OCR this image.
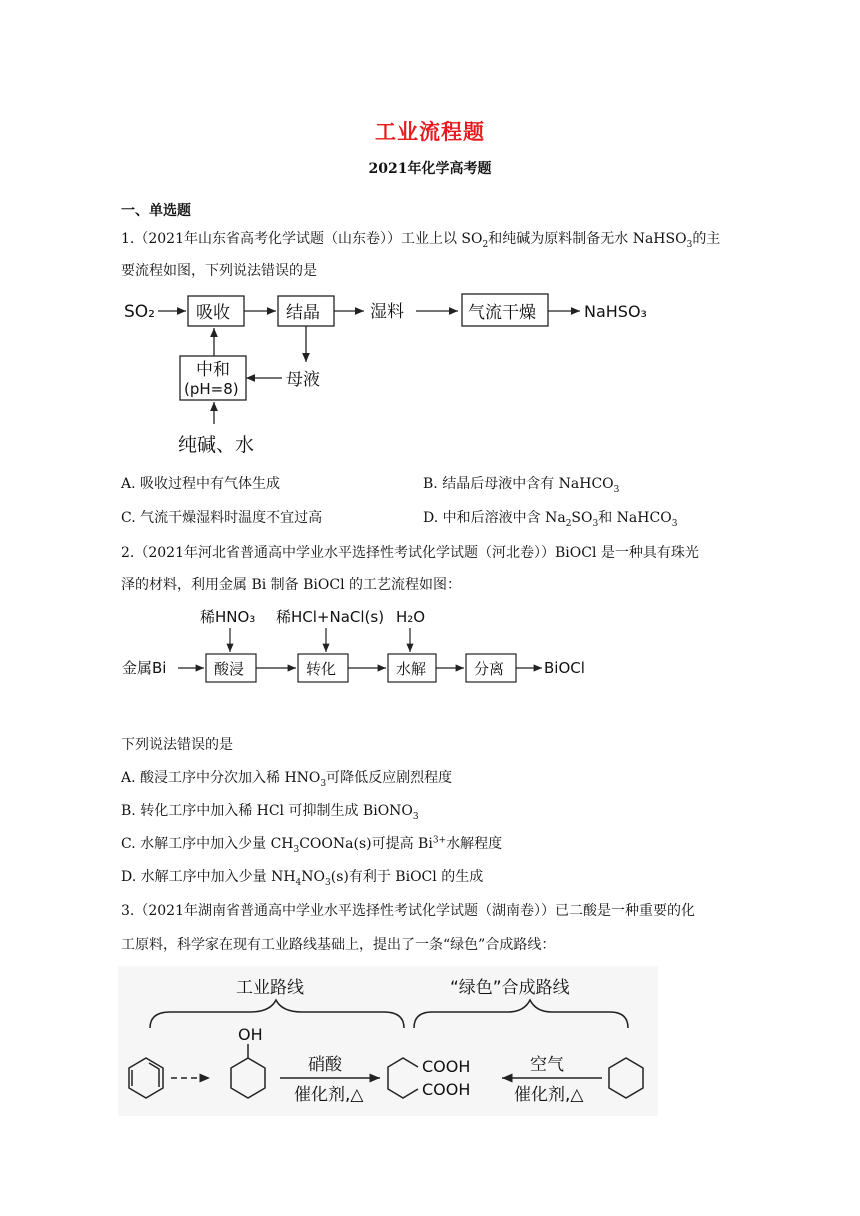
工业流程题
2021年化学高考题
一、单选题
1.（2021年山东省高考化学试题（山东卷））工业上以 $SO_2$和纯碱为原料制备无水 NaHSO$_3$的主
要流程如图，下列说法错误的是
SO₂ 吸收	结晶	湿料	气流干燥	NaHSO₃
母液
中和
(pH=8)
纯碱、水
A. 吸收过程中有气体生成	B. 结晶后母液中含有 NaHCO$_3$
C. 气流干燥湿料时温度不宜过高	D. 中和后溶液中含 $Na_2SO_3$和 NaHCO$_3$
2.（2021年河北省普通高中学业水平选择性考试化学试题（河北卷））BiOCl 是一种具有珠光
泽的材料，利用金属 Bi 制备 BiOCl 的工艺流程如图：
稀HNO₃ 稀HCl+NaCl(s) H₂O
金属Bi	酸浸	转化	水解	分离	BiOCl
下列说法错误的是
A. 酸浸工序中分次加入稀 $HNO_3$可降低反应剧烈程度
B. 转化工序中加入稀 HCl 可抑制生成 BiONO$_3$
C. 水解工序中加入少量 $CH_3COONa(s)$可提高 $Bi^{3+}$水解程度
D. 水解工序中加入少量 $NH_4NO_3(s)$有利于 BiOCl 的生成
3.（2021年湖南省普通高中学业水平选择性考试化学试题（湖南卷））已二酸是一种重要的化
工原料，科学家在现有工业路线基础上，提出了一条“绿色”合成路线：
工业路线	“绿色”合成路线
OH
硝酸
催化剂,△
COOH
COOH
空气
催化剂,△
